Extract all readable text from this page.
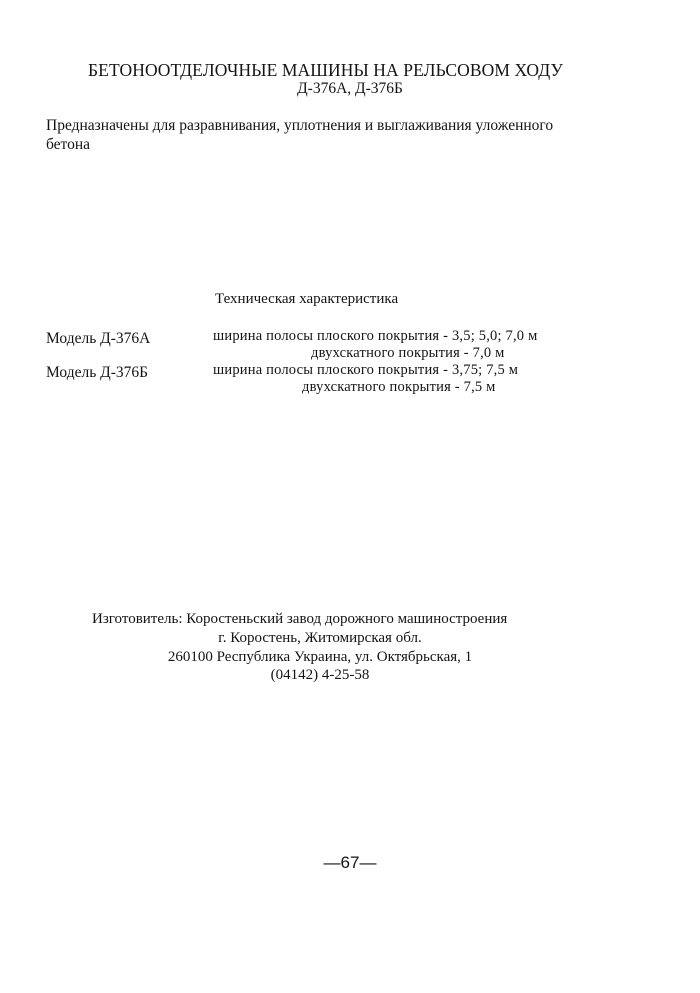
БЕТОНООТДЕЛОЧНЫЕ МАШИНЫ НА РЕЛЬСОВОМ ХОДУ
Д-376А, Д-376Б
Предназначены для разравнивания, уплотнения и выглаживания уложенного
бетона
Техническая характеристика
Модель Д-376А	ширина полосы плоского покрытия - 3,5; 5,0; 7,0 м
двухскатного покрытия - 7,0 м
Модель Д-376Б	ширина полосы плоского покрытия - 3,75; 7,5 м
двухскатного покрытия - 7,5 м
Изготовитель: Коростеньский завод дорожного машиностроения
г. Коростень, Житомирская обл.
260100 Республика Украина, ул. Октябрьская, 1
(04142) 4-25-58
—67—
